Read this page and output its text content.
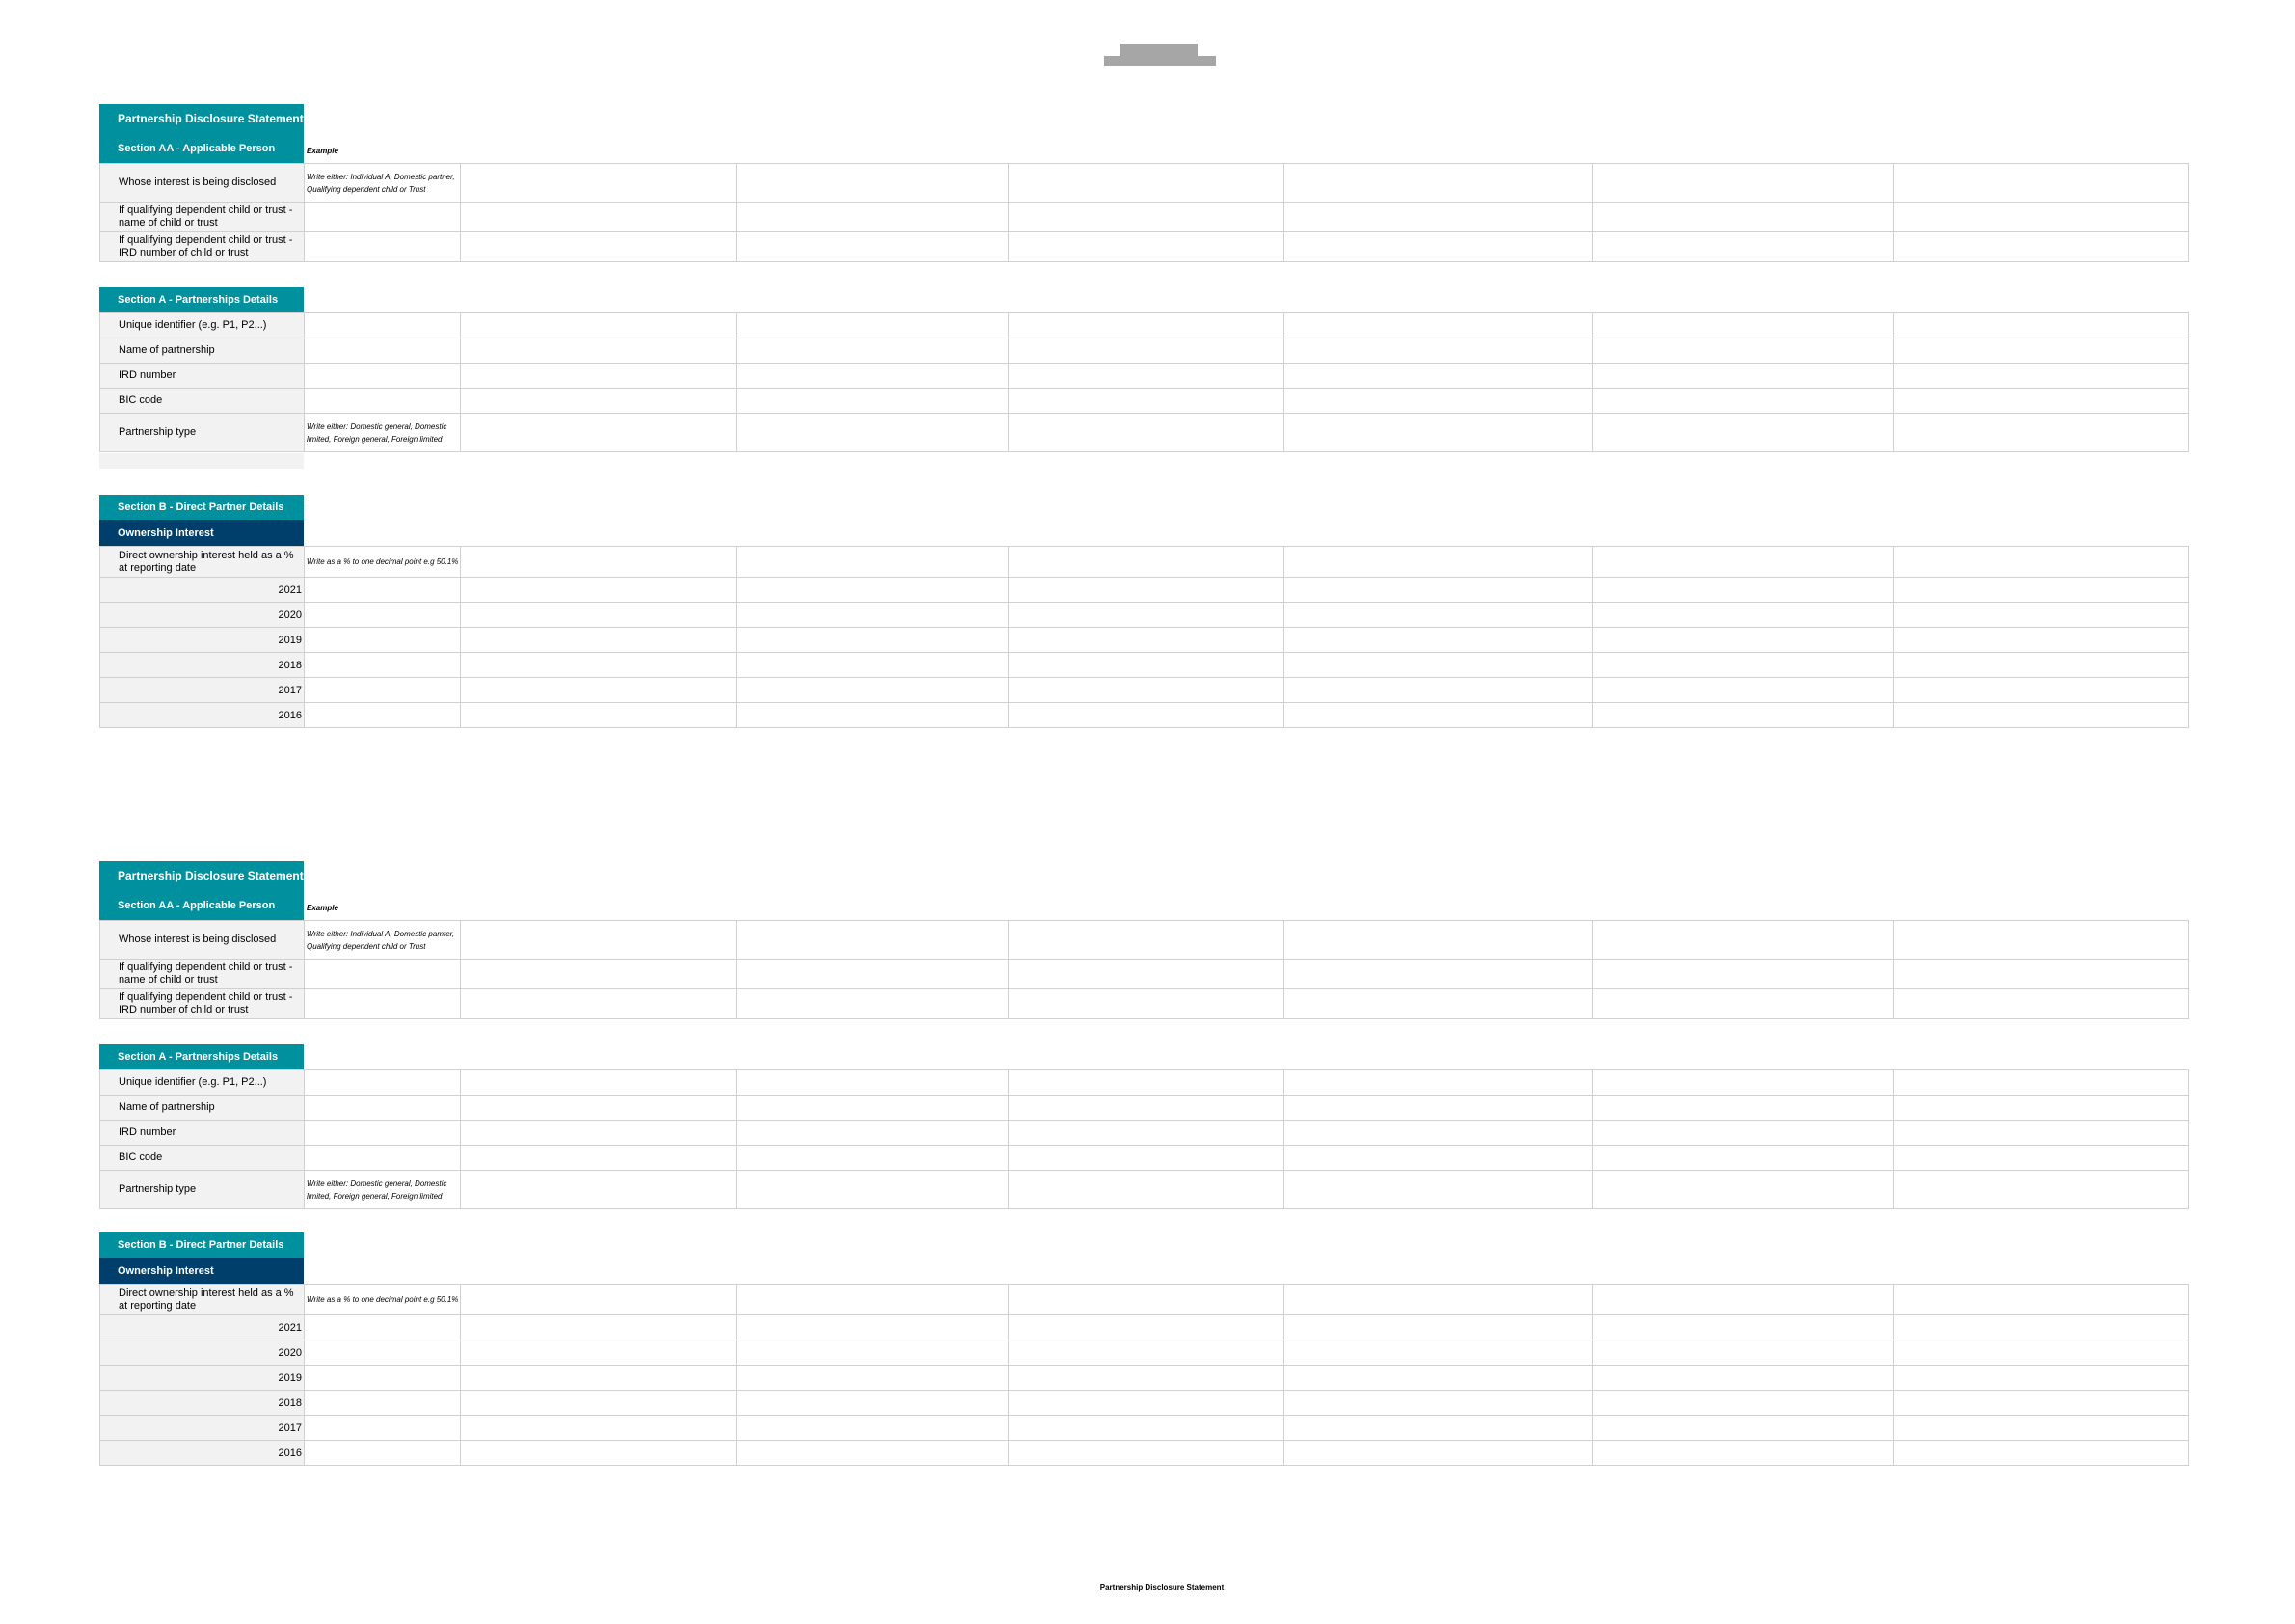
Partnership Disclosure Statement
Section AA - Applicable Person	Example
Whose interest is being disclosed	Write either: Individual A, Domestic partner, Qualifying dependent child or Trust						
If qualifying dependent child or trust - name of child or trust							
If qualifying dependent child or trust - IRD number of child or trust							
Section A - Partnerships Details
Unique identifier (e.g. P1, P2...)							
Name of partnership							
IRD number							
BIC code							
Partnership type	Write either: Domestic general, Domestic limited, Foreign general, Foreign limited						
Section B - Direct Partner Details
Ownership Interest
Direct ownership interest held as a % at reporting date	Write as a % to one decimal point e.g 50.1%						
2021							
2020							
2019							
2018							
2017							
2016							
Partnership Disclosure Statement
Section AA - Applicable Person	Example
Whose interest is being disclosed	Write either: Individual A, Domestic pamter, Qualifying dependent child or Trust						
If qualifying dependent child or trust - name of child or trust							
If qualifying dependent child or trust - IRD number of child or trust							
Section A - Partnerships Details
Unique identifier (e.g. P1, P2...)							
Name of partnership							
IRD number							
BIC code							
Partnership type	Write either: Domestic general, Domestic limited, Foreign general, Foreign limited						
Section B - Direct Partner Details
Ownership Interest
Direct ownership interest held as a % at reporting date	Write as a % to one decimal point e.g 50.1%						
2021							
2020							
2019							
2018							
2017							
2016							
Partnership Disclosure Statement
